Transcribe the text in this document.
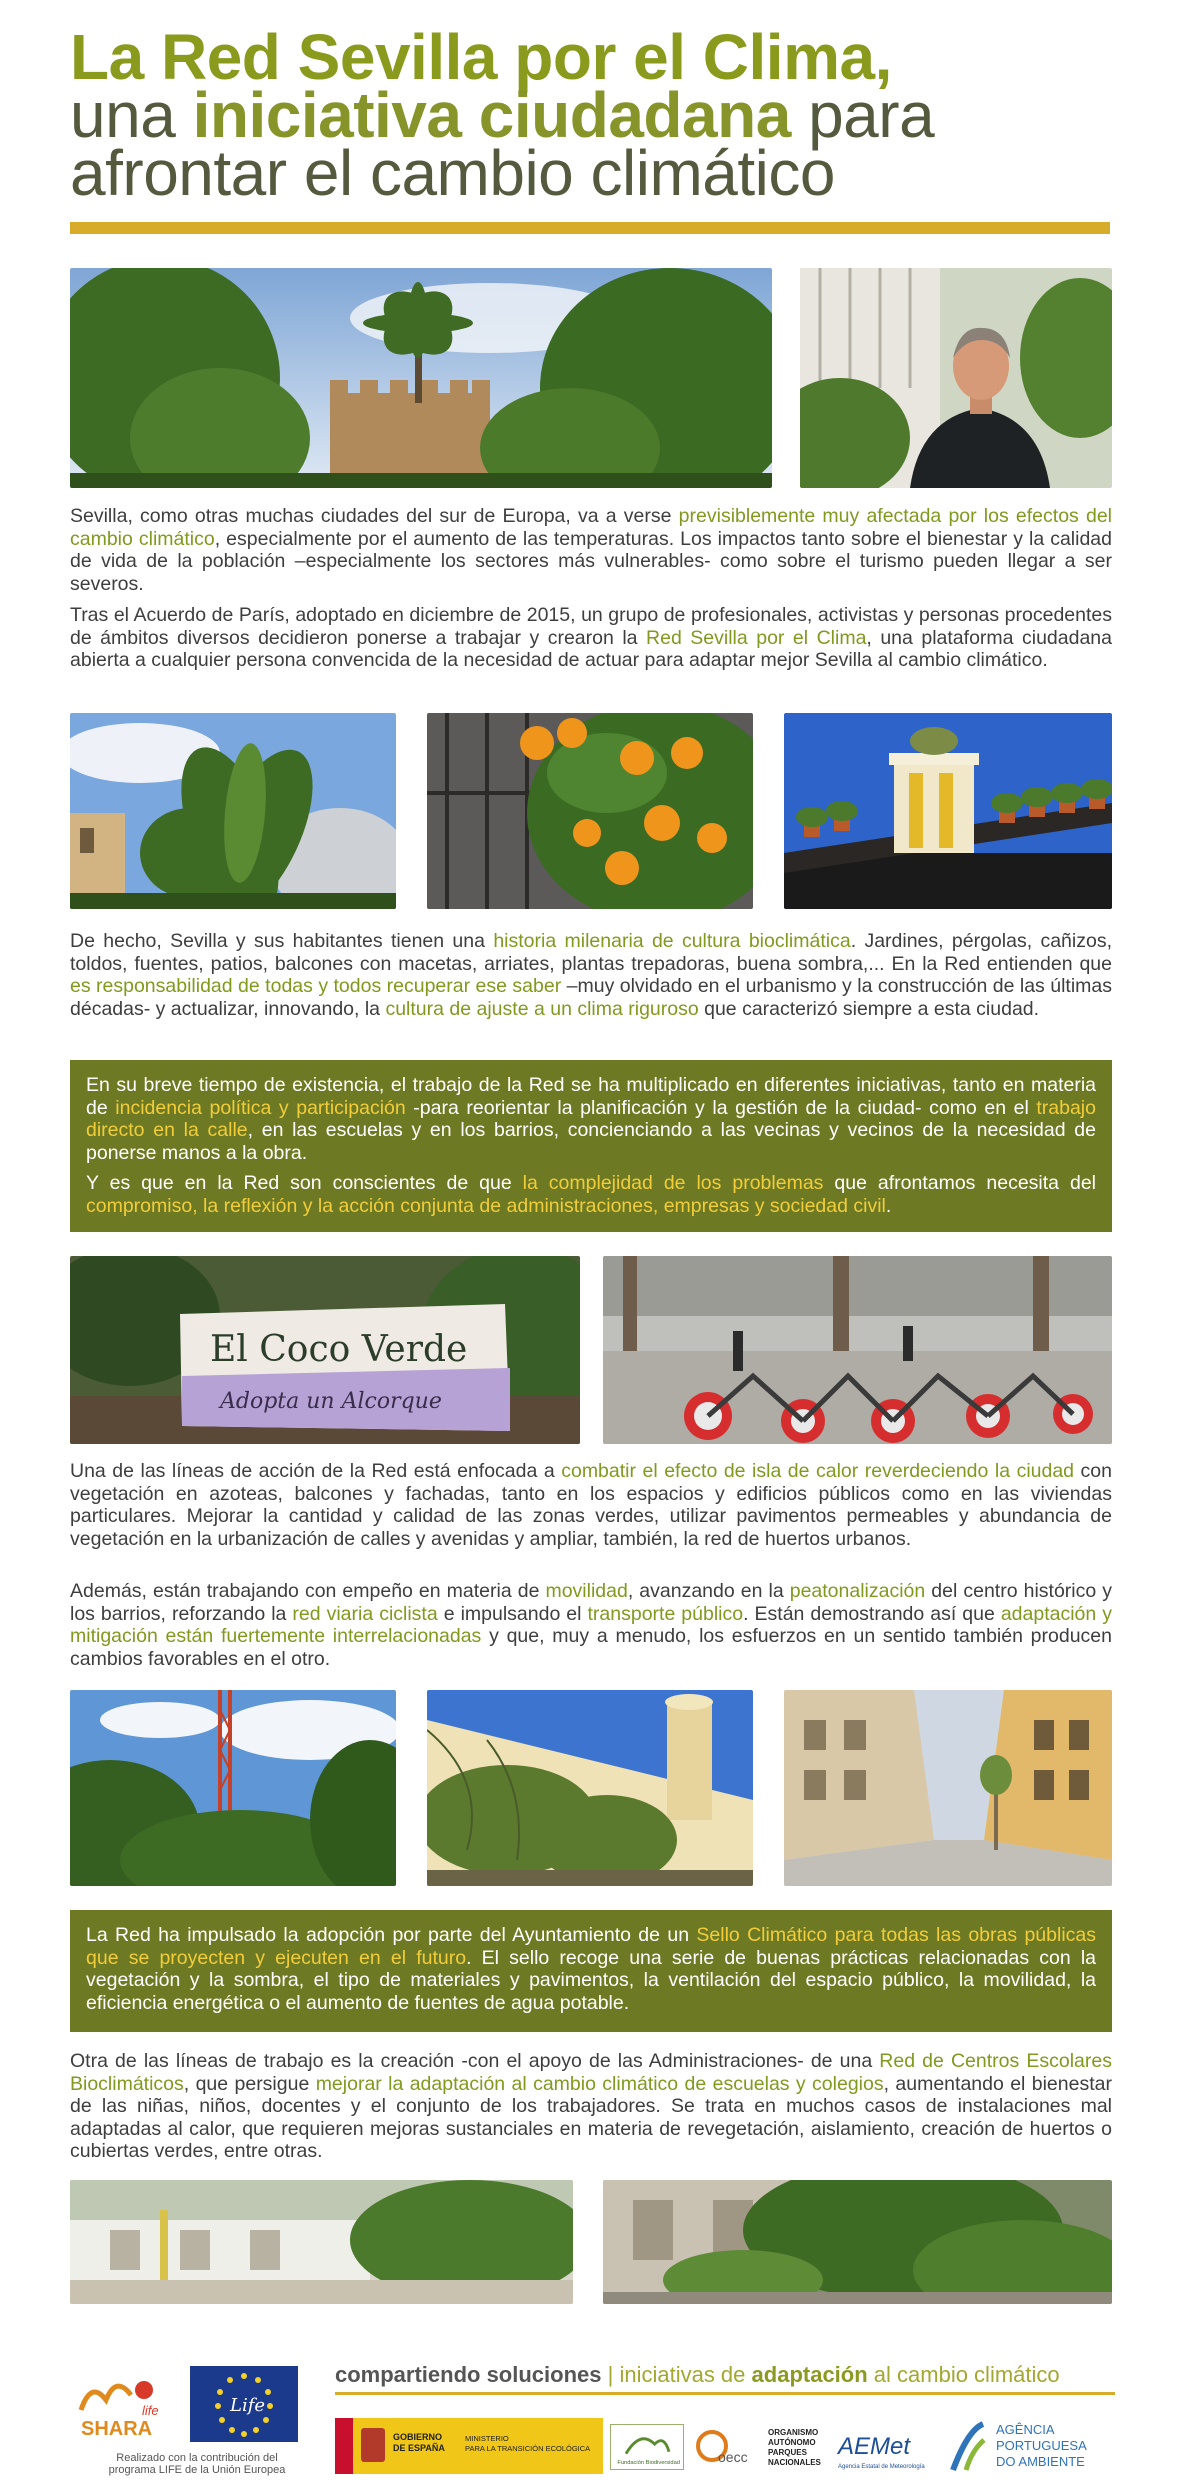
La Red Sevilla por el Clima,
una iniciativa ciudadana para
afrontar el cambio climático
Sevilla, como otras muchas ciudades del sur de Europa, va a verse previsiblemente muy afectada por los efectos del cambio climático, especialmente por el aumento de las temperaturas. Los impactos tanto sobre el bienestar y la calidad de vida de la población –especialmente los sectores más vulnerables- como sobre el turismo pueden llegar a ser severos.
Tras el Acuerdo de París, adoptado en diciembre de 2015, un grupo de profesionales, activistas y personas procedentes de ámbitos diversos decidieron ponerse a trabajar y crearon la Red Sevilla por el Clima, una plataforma ciudadana abierta a cualquier persona convencida de la necesidad de actuar para adaptar mejor Sevilla al cambio climático.
De hecho, Sevilla y sus habitantes tienen una historia milenaria de cultura bioclimática. Jardines, pérgolas, cañizos, toldos, fuentes, patios, balcones con macetas, arriates, plantas trepadoras, buena sombra,... En la Red entienden que es responsabilidad de todas y todos recuperar ese saber –muy olvidado en el urbanismo y la construcción de las últimas décadas- y actualizar, innovando, la cultura de ajuste a un clima riguroso que caracterizó siempre a esta ciudad.

En su breve tiempo de existencia, el trabajo de la Red se ha multiplicado en diferentes iniciativas, tanto en materia de incidencia política y participación -para reorientar la planificación y la gestión de la ciudad- como en el trabajo directo en la calle, en las escuelas y en los barrios, concienciando a las vecinas y vecinos de la necesidad de ponerse manos a la obra.

Y es que en la Red son conscientes de que la complejidad de los problemas que afrontamos necesita del compromiso, la reflexión y la acción conjunta de administraciones, empresas y sociedad civil.

El Coco Verde
Adopta un Alcorque
Una de las líneas de acción de la Red está enfocada a combatir el efecto de isla de calor reverdeciendo la ciudad con vegetación en azoteas, balcones y fachadas, tanto en los espacios y edificios públicos como en las viviendas particulares. Mejorar la cantidad y calidad de las zonas verdes, utilizar pavimentos permeables y abundancia de vegetación en la urbanización de calles y avenidas y ampliar, también, la red de huertos urbanos.
Además, están trabajando con empeño en materia de movilidad, avanzando en la peatonalización del centro histórico y los barrios, reforzando la red viaria ciclista e impulsando el transporte público. Están demostrando así que adaptación y mitigación están fuertemente interrelacionadas y que, muy a menudo, los esfuerzos en un sentido también producen cambios favorables en el otro.

La Red ha impulsado la adopción por parte del Ayuntamiento de un Sello Climático para todas las obras públicas que se proyecten y ejecuten en el futuro. El sello recoge una serie de buenas prácticas relacionadas con la vegetación y la sombra, el tipo de materiales y pavimentos, la ventilación del espacio público, la movilidad, la eficiencia energética o el aumento de fuentes de agua potable.

Otra de las líneas de trabajo es la creación -con el apoyo de las Administraciones- de una Red de Centros Escolares Bioclimáticos, que persigue mejorar la adaptación al cambio climático de escuelas y colegios, aumentando el bienestar de las niñas, niños, docentes y el conjunto de los trabajadores. Se trata en muchos casos de instalaciones mal adaptadas al calor, que requieren mejoras sustanciales en materia de revegetación, aislamiento, creación de huertos o cubiertas verdes, entre otras.
compartiendo soluciones | iniciativas de adaptación al cambio climático
SHARA
life	Life
Realizado con la contribución del
programa LIFE de la Unión Europea
GOBIERNO
DE ESPAÑA
MINISTERIO
PARA LA TRANSICIÓN ECOLÓGICA
Fundación Biodiversidad	oecc
ORGANISMO
AUTÓNOMO
PARQUES
NACIONALES
AEMet
Agencia Estatal de Meteorología
AGÊNCIA
PORTUGUESA
DO AMBIENTE
